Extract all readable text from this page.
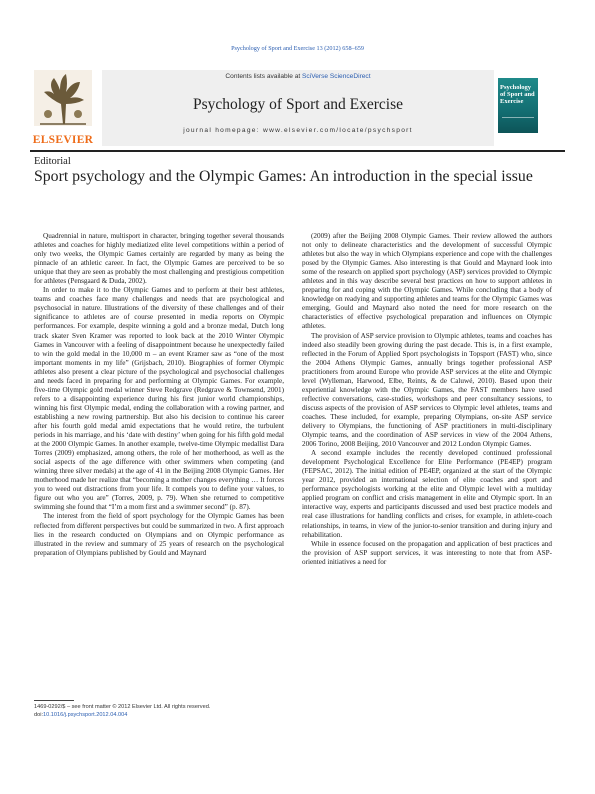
Psychology of Sport and Exercise 13 (2012) 658–659
ELSEVIER
Contents lists available at SciVerse ScienceDirect
Psychology of Sport and Exercise
journal homepage: www.elsevier.com/locate/psychsport
Psychology of Sport and Exercise
Editorial
Sport psychology and the Olympic Games: An introduction in the special issue

Quadrennial in nature, multisport in character, bringing together several thousands athletes and coaches for highly mediatized elite level competitions within a period of only two weeks, the Olympic Games certainly are regarded by many as being the pinnacle of an athletic career. In fact, the Olympic Games are perceived to be so unique that they are seen as probably the most challenging and prestigious competition for athletes (Pensgaard & Duda, 2002).

In order to make it to the Olympic Games and to perform at their best athletes, teams and coaches face many challenges and needs that are psychological and psychosocial in nature. Illustrations of the diversity of these challenges and of their significance to athletes are of course presented in media reports on Olympic performances. For example, despite winning a gold and a bronze medal, Dutch long track skater Sven Kramer was reported to look back at the 2010 Winter Olympic Games in Vancouver with a feeling of disappointment because he unexpectedly failed to win the gold medal in the 10,000 m – an event Kramer saw as “one of the most important moments in my life” (Grijsbach, 2010). Biographies of former Olympic athletes also present a clear picture of the psychological and psychosocial challenges and needs faced in preparing for and performing at Olympic Games. For example, five-time Olympic gold medal winner Steve Redgrave (Redgrave & Townsend, 2001) refers to a disappointing experience during his first junior world championships, winning his first Olympic medal, ending the collaboration with a rowing partner, and establishing a new rowing partnership. But also his decision to continue his career after his fourth gold medal amid expectations that he would retire, the turbulent periods in his marriage, and his ‘date with destiny’ when going for his fifth gold medal at the 2000 Olympic Games. In another example, twelve-time Olympic medallist Dara Torres (2009) emphasized, among others, the role of her motherhood, as well as the social aspects of the age difference with other swimmers when competing (and winning three silver medals) at the age of 41 in the Beijing 2008 Olympic Games. Her motherhood made her realize that “becoming a mother changes everything … It forces you to weed out distractions from your life. It compels you to define your values, to figure out who you are” (Torres, 2009, p. 79). When she returned to competitive swimming she found that “I’m a mom first and a swimmer second” (p. 87).

The interest from the field of sport psychology for the Olympic Games has been reflected from different perspectives but could be summarized in two. A first approach lies in the research conducted on Olympians and on Olympic performance as illustrated in the review and summary of 25 years of research on the psychological preparation of Olympians published by Gould and Maynard

(2009) after the Beijing 2008 Olympic Games. Their review allowed the authors not only to delineate characteristics and the development of successful Olympic athletes but also the way in which Olympians experience and cope with the challenges posed by the Olympic Games. Also interesting is that Gould and Maynard look into some of the research on applied sport psychology (ASP) services provided to Olympic athletes and in this way describe several best practices on how to support athletes in preparing for and coping with the Olympic Games. While concluding that a body of knowledge on readying and supporting athletes and teams for the Olympic Games was emerging, Gould and Maynard also noted the need for more research on the characteristics of effective psychological preparation and influences on Olympic athletes.

The provision of ASP service provision to Olympic athletes, teams and coaches has indeed also steadily been growing during the past decade. This is, in a first example, reflected in the Forum of Applied Sport psychologists in Topsport (FAST) who, since the 2004 Athens Olympic Games, annually brings together professional ASP practitioners from around Europe who provide ASP services at the elite and Olympic level (Wylleman, Harwood, Elbe, Reints, & de Caluwé, 2010). Based upon their experiential knowledge with the Olympic Games, the FAST members have used reflective conversations, case-studies, workshops and peer consultancy sessions, to discuss aspects of the provision of ASP services to Olympic level athletes, teams and coaches. These included, for example, preparing Olympians, on-site ASP service delivery to Olympians, the functioning of ASP practitioners in multi-disciplinary Olympic teams, and the coordination of ASP services in view of the 2004 Athens, 2006 Torino, 2008 Beijing, 2010 Vancouver and 2012 London Olympic Games.

A second example includes the recently developed continued professional development Psychological Excellence for Elite Performance (PE4EP) program (FEPSAC, 2012). The initial edition of PE4EP, organized at the start of the Olympic year 2012, provided an international selection of elite coaches and sport and performance psychologists working at the elite and Olympic level with a multiday applied program on conflict and crisis management in elite and Olympic sport. In an interactive way, experts and participants discussed and used best practice models and real case illustrations for handling conflicts and crises, for example, in athlete-coach relationships, in teams, in view of the junior-to-senior transition and during injury and rehabilitation.

While in essence focused on the propagation and application of best practices and the provision of ASP support services, it was interesting to note that from ASP-oriented initiatives a need for

1469-0292/$ – see front matter © 2012 Elsevier Ltd. All rights reserved.
doi:10.1016/j.psychsport.2012.04.004
